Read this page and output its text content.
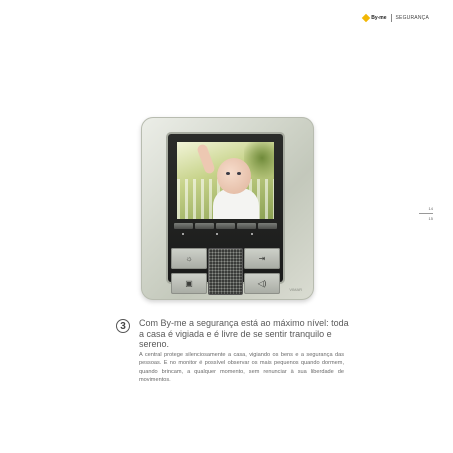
By-me SEGURANÇA
14
15
☼	⇥
▣	◁)
VIMAR
3	Com By-me a segurança está ao máximo nível: toda a casa é vigiada e é livre de se sentir tranquilo e sereno.

A central protege silenciosamente a casa, vigiando os bens e a segurança das pessoas. E no monitor é possível observar os mais pequenos quando dormem, quando brincam, a qualquer momento, sem renunciar à sua liberdade de movimentos.
